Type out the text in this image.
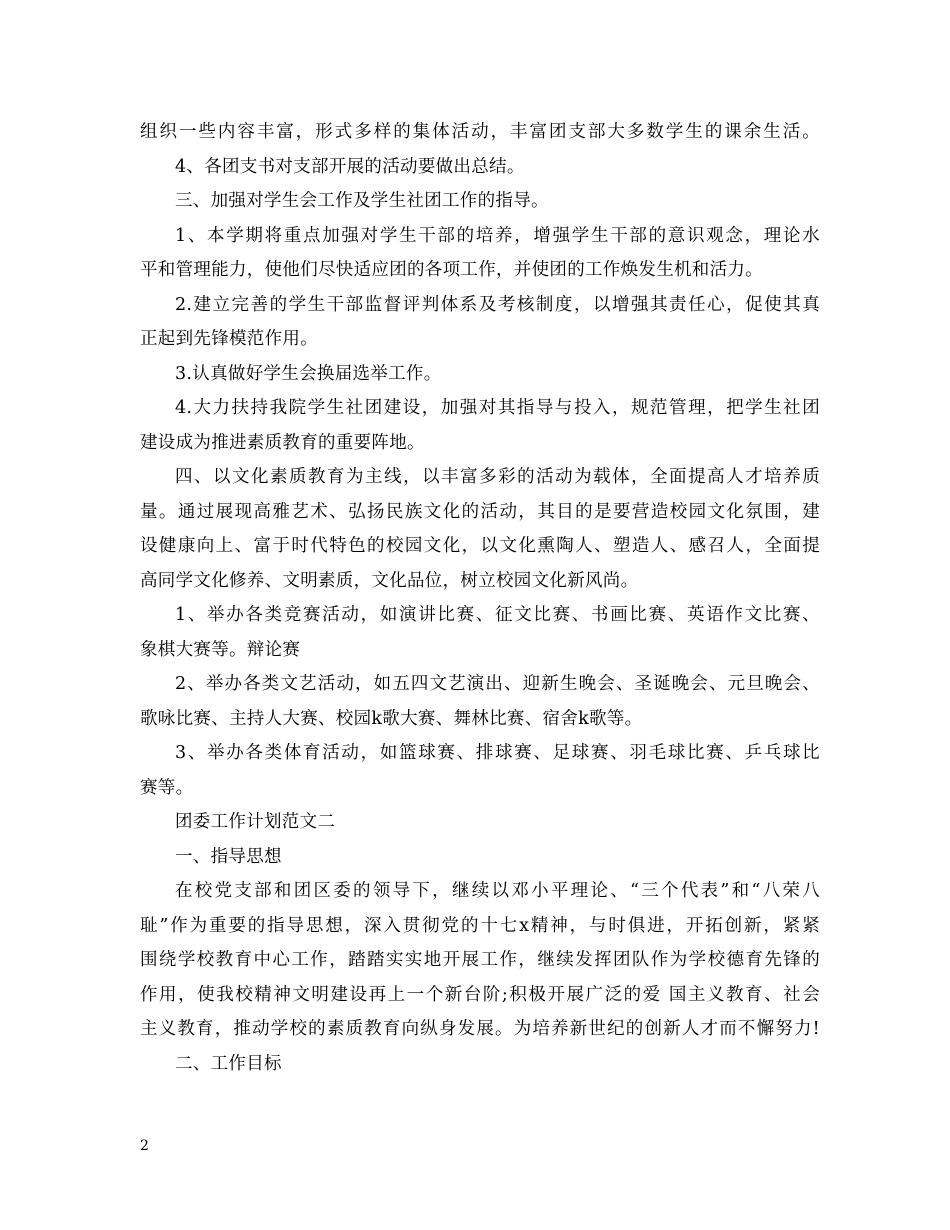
组织一些内容丰富，形式多样的集体活动，丰富团支部大多数学生的课余生活。
4、各团支书对支部开展的活动要做出总结。
三、加强对学生会工作及学生社团工作的指导。
1、本学期将重点加强对学生干部的培养，增强学生干部的意识观念，理论水
平和管理能力，使他们尽快适应团的各项工作，并使团的工作焕发生机和活力。
2.建立完善的学生干部监督评判体系及考核制度，以增强其责任心，促使其真
正起到先锋模范作用。
3.认真做好学生会换届选举工作。
4.大力扶持我院学生社团建设，加强对其指导与投入，规范管理，把学生社团
建设成为推进素质教育的重要阵地。
四、以文化素质教育为主线，以丰富多彩的活动为载体，全面提高人才培养质
量。通过展现高雅艺术、弘扬民族文化的活动，其目的是要营造校园文化氛围，建
设健康向上、富于时代特色的校园文化，以文化熏陶人、塑造人、感召人，全面提
高同学文化修养、文明素质，文化品位，树立校园文化新风尚。
1、举办各类竞赛活动，如演讲比赛、征文比赛、书画比赛、英语作文比赛、
象棋大赛等。辩论赛
2、举办各类文艺活动，如五四文艺演出、迎新生晚会、圣诞晚会、元旦晚会、
歌咏比赛、主持人大赛、校园k歌大赛、舞林比赛、宿舍k歌等。
3、举办各类体育活动，如篮球赛、排球赛、足球赛、羽毛球比赛、乒乓球比
赛等。
团委工作计划范文二
一、指导思想
在校党支部和团区委的领导下，继续以邓小平理论、“三个代表”和“八荣八
耻”作为重要的指导思想，深入贯彻党的十七x精神，与时俱进，开拓创新，紧紧
围绕学校教育中心工作，踏踏实实地开展工作，继续发挥团队作为学校德育先锋的
作用，使我校精神文明建设再上一个新台阶;积极开展广泛的爱 国主义教育、社会
主义教育，推动学校的素质教育向纵身发展。为培养新世纪的创新人才而不懈努力!
二、工作目标
2
